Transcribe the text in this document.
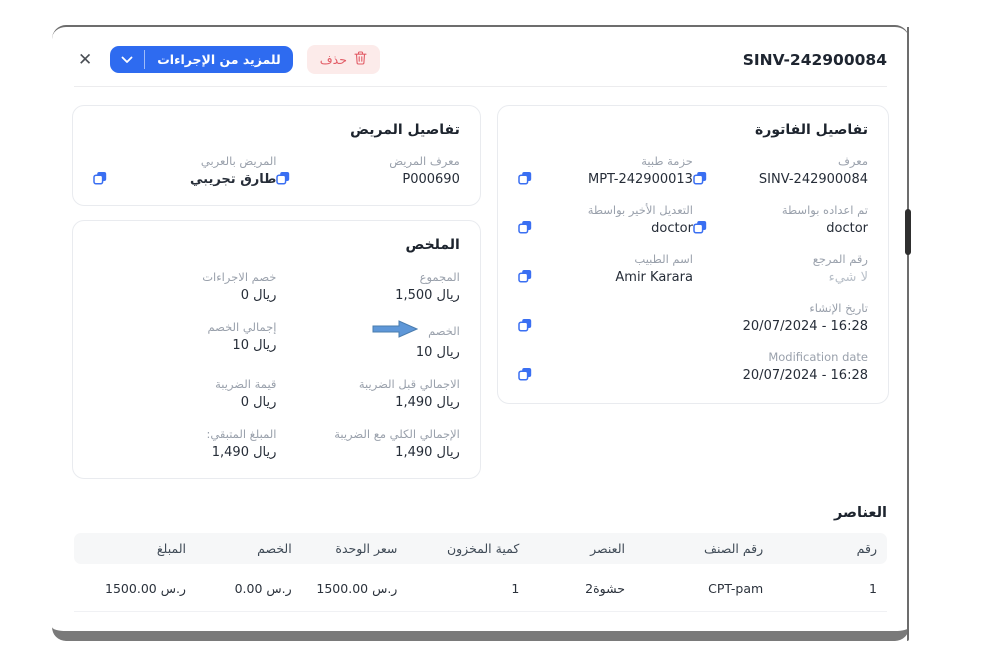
SINV-242900084
حذف
للمزيد من الإجراءات
✕
تفاصيل الفاتورة
معرف
SINV-242900084
حزمة طبية
MPT-242900013
تم اعداده بواسطة
doctor
التعديل الأخير بواسطة
doctor
رقم المرجع
لا شيء
اسم الطبيب
Amir Karara
تاريخ الإنشاء
20/07/2024 - 16:28
Modification date
20/07/2024 - 16:28
تفاصيل المريض
معرف المريض
P000690
المريض بالعربي
طارق تجريبي
الملخص
المجموع
1,500 ريال
خصم الاجراءات
0 ريال
الخصم
10 ريال
إجمالي الخصم
10 ريال
الاجمالي قبل الضريبة
1,490 ريال
قيمة الضريبة
0 ريال
الإجمالي الكلي مع الضريبة
1,490 ريال
المبلغ المتبقي:
1,490 ريال
العناصر
رقم
رقم الصنف
العنصر
كمية المخزون
سعر الوحدة
الخصم
المبلغ
1
CPT-pam
حشوة2
1
1500.00 ر.س
0.00 ر.س
1500.00 ر.س
